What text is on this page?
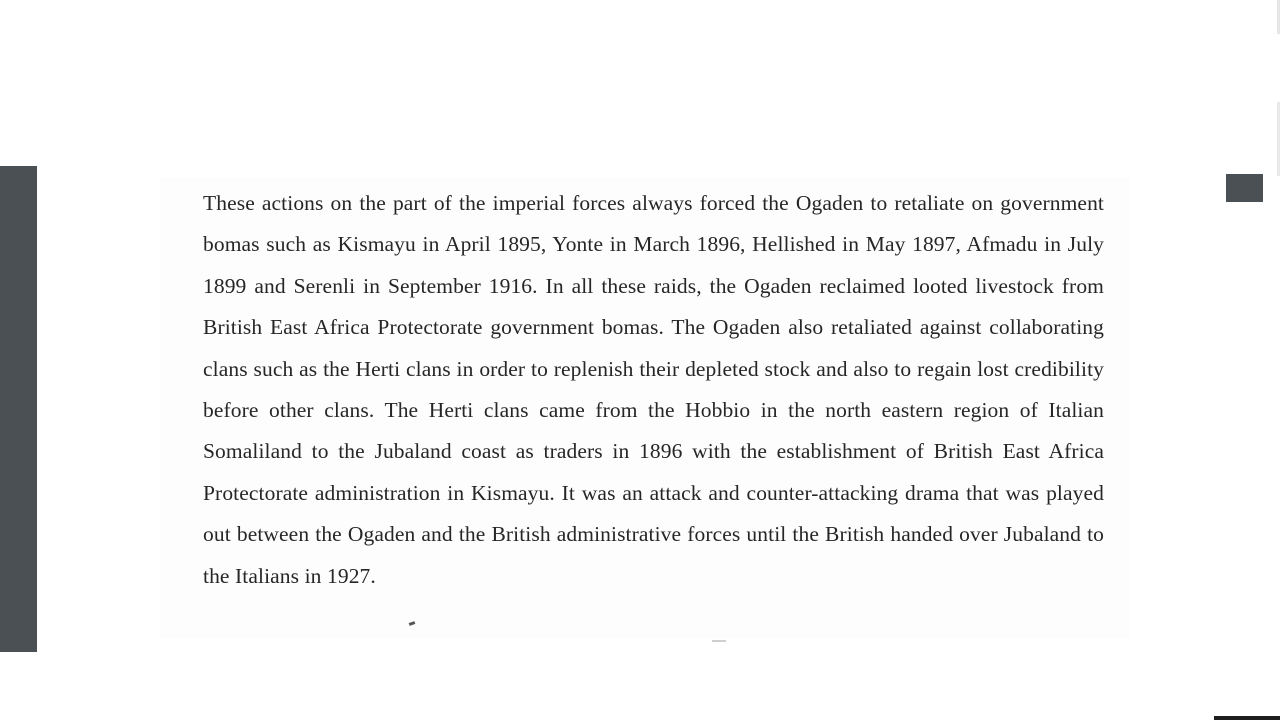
These actions on the part of the imperial forces always forced the Ogaden to retaliate on government bomas such as Kismayu in April 1895, Yonte in March 1896, Hellished in May 1897, Afmadu in July 1899 and Serenli in September 1916. In all these raids, the Ogaden reclaimed looted livestock from British East Africa Protectorate government bomas. The Ogaden also retaliated against collaborating clans such as the Herti clans in order to replenish their depleted stock and also to regain lost credibility before other clans. The Herti clans came from the Hobbio in the north eastern region of Italian Somaliland to the Jubaland coast as traders in 1896 with the establishment of British East Africa Protectorate administration in Kismayu. It was an attack and counter-attacking drama that was played out between the Ogaden and the British administrative forces until the British handed over Jubaland to the Italians in 1927.
